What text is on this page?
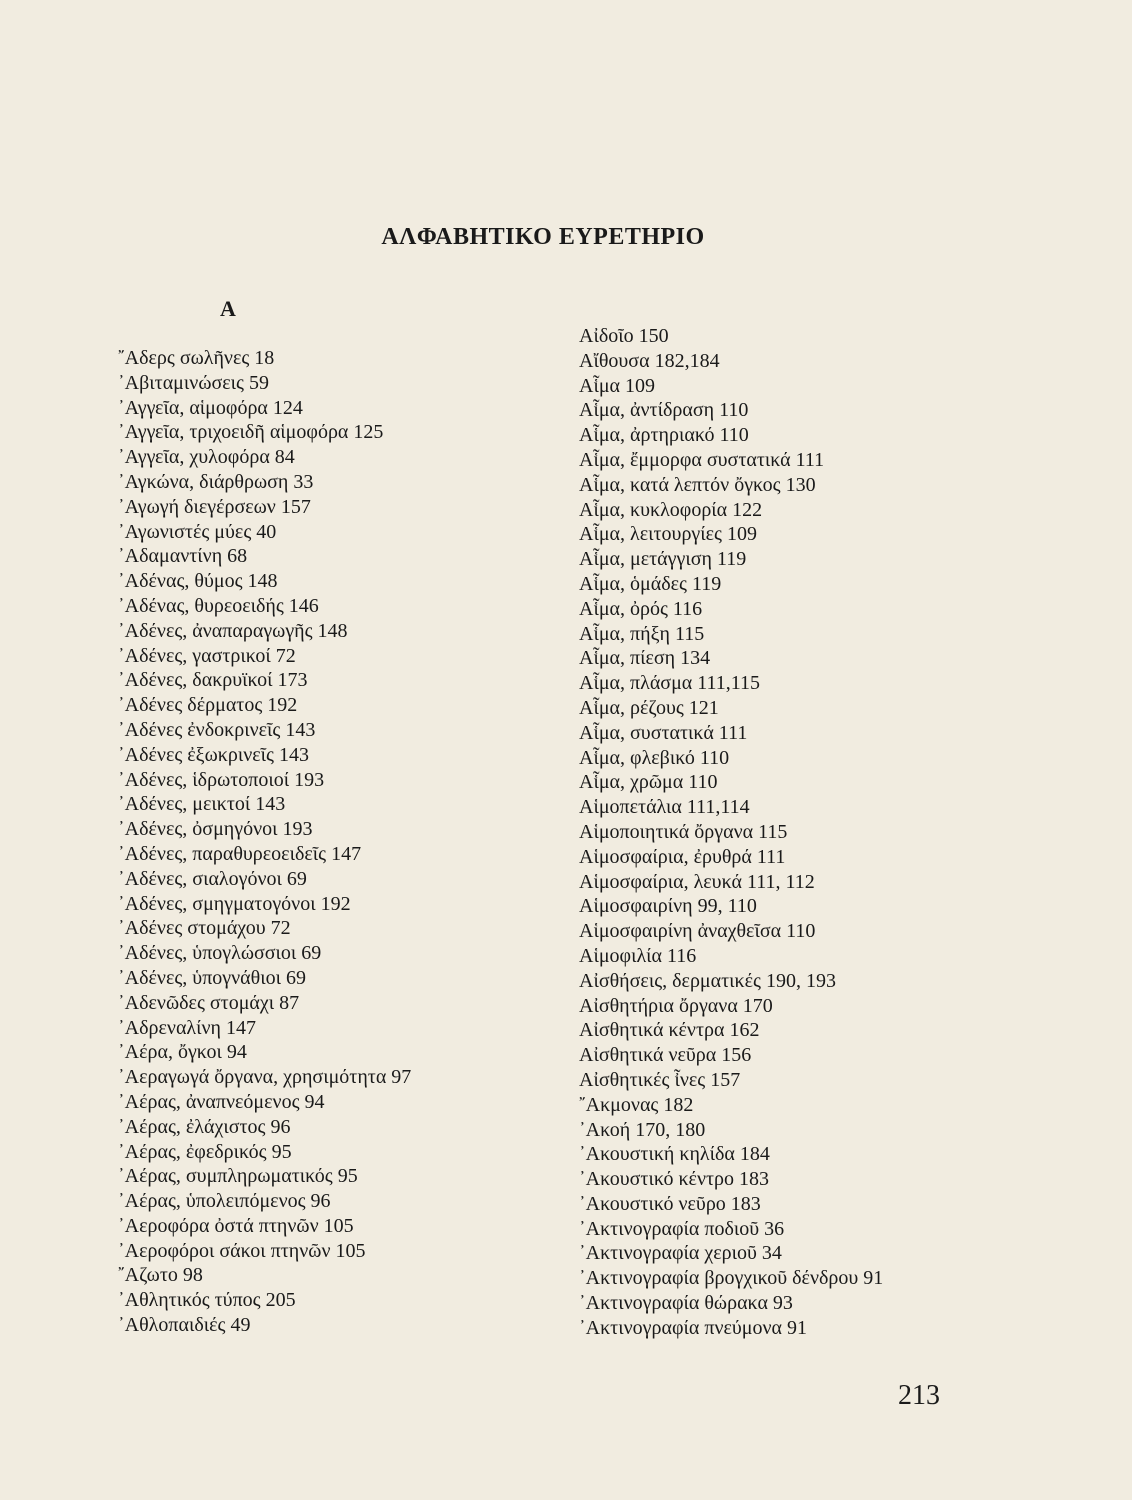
ΑΛΦΑΒΗΤΙΚΟ ΕΥΡΕΤΗΡΙΟ
Α
῎Αδερς σωλῆνες 18
᾿Αβιταμινώσεις 59
᾿Αγγεῖα, αἱμοφόρα 124
᾿Αγγεῖα, τριχοειδῆ αἱμοφόρα 125
᾿Αγγεῖα, χυλοφόρα 84
᾿Αγκώνα, διάρθρωση 33
᾿Αγωγή διεγέρσεων 157
᾿Αγωνιστές μύες 40
᾿Αδαμαντίνη 68
᾿Αδένας, θύμος 148
᾿Αδένας, θυρεοειδής 146
᾿Αδένες, ἀναπαραγωγῆς 148
᾿Αδένες, γαστρικοί 72
᾿Αδένες, δακρυϊκοί 173
᾿Αδένες δέρματος 192
᾿Αδένες ἐνδοκρινεῖς 143
᾿Αδένες ἐξωκρινεῖς 143
᾿Αδένες, ἱδρωτοποιοί 193
᾿Αδένες, μεικτοί 143
᾿Αδένες, ὀσμηγόνοι 193
᾿Αδένες, παραθυρεοειδεῖς 147
᾿Αδένες, σιαλογόνοι 69
᾿Αδένες, σμηγματογόνοι 192
᾿Αδένες στομάχου 72
᾿Αδένες, ὑπογλώσσιοι 69
᾿Αδένες, ὑπογνάθιοι 69
᾿Αδενῶδες στομάχι 87
᾿Αδρεναλίνη 147
᾿Αέρα, ὄγκοι 94
᾿Αεραγωγά ὄργανα, χρησιμότητα 97
᾿Αέρας, ἀναπνεόμενος 94
᾿Αέρας, ἐλάχιστος 96
᾿Αέρας, ἐφεδρικός 95
᾿Αέρας, συμπληρωματικός 95
᾿Αέρας, ὑπολειπόμενος 96
᾿Αεροφόρα ὀστά πτηνῶν 105
᾿Αεροφόροι σάκοι πτηνῶν 105
῎Αζωτο 98
᾿Αθλητικός τύπος 205
᾿Αθλοπαιδιές 49
Αἰδοῖο 150
Αἴθουσα 182,184
Αἷμα 109
Αἷμα, ἀντίδραση 110
Αἷμα, ἀρτηριακό 110
Αἷμα, ἔμμορφα συστατικά 111
Αἷμα, κατά λεπτόν ὄγκος 130
Αἷμα, κυκλοφορία 122
Αἷμα, λειτουργίες 109
Αἷμα, μετάγγιση 119
Αἷμα, ὁμάδες 119
Αἷμα, ὀρός 116
Αἷμα, πήξη 115
Αἷμα, πίεση 134
Αἷμα, πλάσμα 111,115
Αἷμα, ρέζους 121
Αἷμα, συστατικά 111
Αἷμα, φλεβικό 110
Αἷμα, χρῶμα 110
Αἱμοπετάλια 111,114
Αἱμοποιητικά ὄργανα 115
Αἱμοσφαίρια, ἐρυθρά 111
Αἱμοσφαίρια, λευκά 111, 112
Αἱμοσφαιρίνη 99, 110
Αἱμοσφαιρίνη ἀναχθεῖσα 110
Αἱμοφιλία 116
Αἰσθήσεις, δερματικές 190, 193
Αἰσθητήρια ὄργανα 170
Αἰσθητικά κέντρα 162
Αἰσθητικά νεῦρα 156
Αἰσθητικές ἶνες 157
῎Ακμονας 182
᾿Ακοή 170, 180
᾿Ακουστική κηλίδα 184
᾿Ακουστικό κέντρο 183
᾿Ακουστικό νεῦρο 183
᾿Ακτινογραφία ποδιοῦ 36
᾿Ακτινογραφία χεριοῦ 34
᾿Ακτινογραφία βρογχικοῦ δένδρου 91
᾿Ακτινογραφία θώρακα 93
᾿Ακτινογραφία πνεύμονα 91
213
